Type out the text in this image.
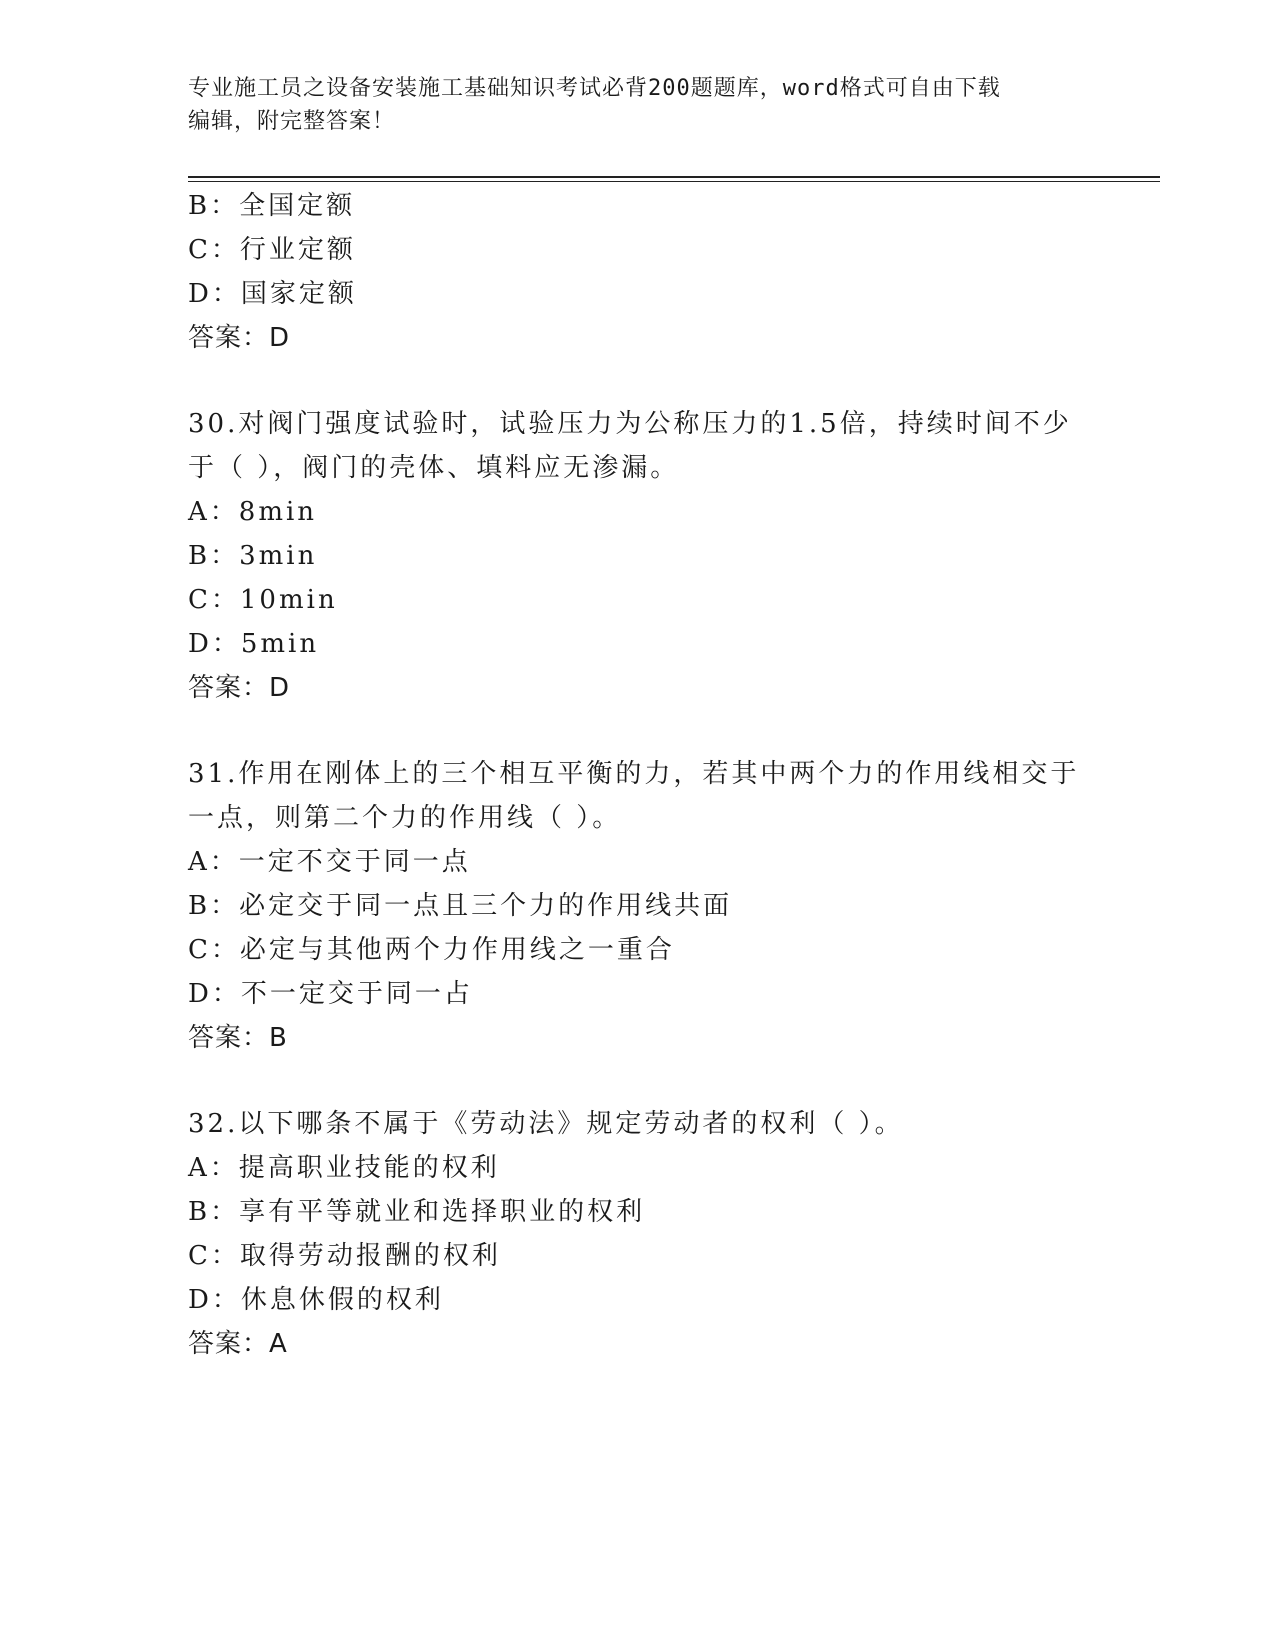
专业施工员之设备安装施工基础知识考试必背200题题库，word格式可自由下载
编辑，附完整答案！
B：全国定额
C：行业定额
D：国家定额
答案：D
30.对阀门强度试验时，试验压力为公称压力的1.5倍，持续时间不少
于（ ），阀门的壳体、填料应无渗漏。
A：8min
B：3min
C：10min
D：5min
答案：D
31.作用在刚体上的三个相互平衡的力，若其中两个力的作用线相交于
一点，则第二个力的作用线（ ）。
A：一定不交于同一点
B：必定交于同一点且三个力的作用线共面
C：必定与其他两个力作用线之一重合
D：不一定交于同一占
答案：B
32.以下哪条不属于《劳动法》规定劳动者的权利（ ）。
A：提高职业技能的权利
B：享有平等就业和选择职业的权利
C：取得劳动报酬的权利
D：休息休假的权利
答案：A
